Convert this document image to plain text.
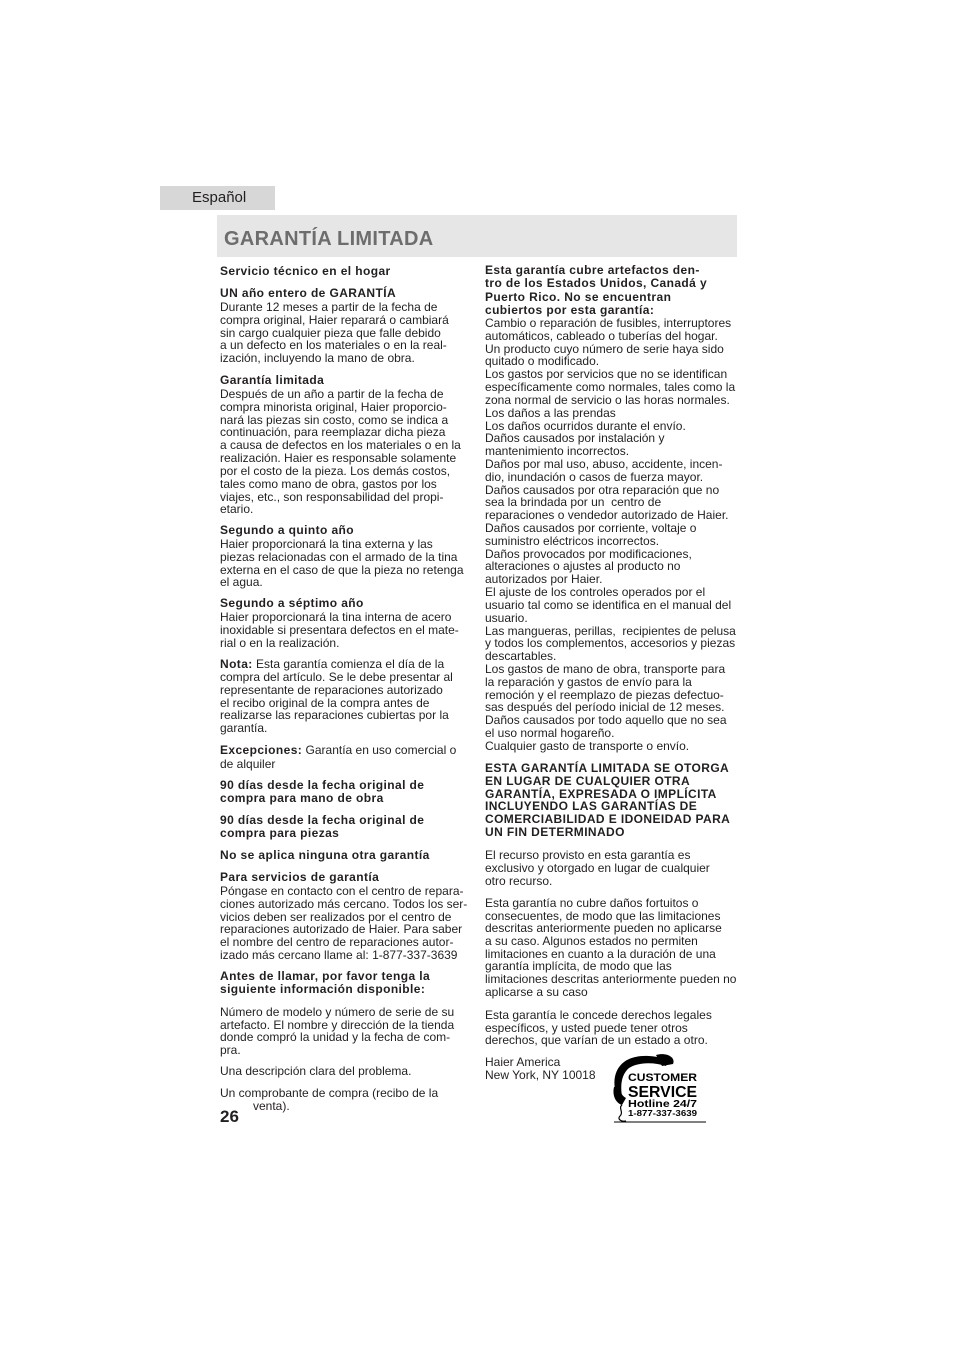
Español
GARANTÍA LIMITADA
Servicio técnico en el hogar
UN año entero de GARANTÍA
Durante 12 meses a partir de la fecha de
compra original, Haier reparará o cambiará
sin cargo cualquier pieza que falle debido
a un defecto en los materiales o en la real-
ización, incluyendo la mano de obra.
Garantía limitada
Después de un año a partir de la fecha de
compra minorista original, Haier proporcio-
nará las piezas sin costo, como se indica a
continuación, para reemplazar dicha pieza
a causa de defectos en los materiales o en la
realización. Haier es responsable solamente
por el costo de la pieza. Los demás costos,
tales como mano de obra, gastos por los
viajes, etc., son responsabilidad del propi-
etario.
Segundo a quinto año
Haier proporcionará la tina externa y las
piezas relacionadas con el armado de la tina
externa en el caso de que la pieza no retenga
el agua.
Segundo a séptimo año
Haier proporcionará la tina interna de acero
inoxidable si presentara defectos en el mate-
rial o en la realización.
Nota: Esta garantía comienza el día de la
compra del artículo. Se le debe presentar al
representante de reparaciones autorizado
el recibo original de la compra antes de
realizarse las reparaciones cubiertas por la
garantía.
Excepciones: Garantía en uso comercial o
de alquiler
90 días desde la fecha original de
compra para mano de obra
90 días desde la fecha original de
compra para piezas
No se aplica ninguna otra garantía
Para servicios de garantía
Póngase en contacto con el centro de repara-
ciones autorizado más cercano. Todos los ser-
vicios deben ser realizados por el centro de
reparaciones autorizado de Haier. Para saber
el nombre del centro de reparaciones autor-
izado más cercano llame al: 1-877-337-3639
Antes de llamar, por favor tenga la
siguiente información disponible:
Número de modelo y número de serie de su
artefacto. El nombre y dirección de la tienda
donde compró la unidad y la fecha de com-
pra.
Una descripción clara del problema.
Un comprobante de compra (recibo de la
venta).
26
Esta garantía cubre artefactos den-
tro de los Estados Unidos, Canadá y
Puerto Rico. No se encuentran
cubiertos por esta garantía:
Cambio o reparación de fusibles, interruptores
automáticos, cableado o tuberías del hogar.
Un producto cuyo número de serie haya sido
quitado o modificado.
Los gastos por servicios que no se identifican
específicamente como normales, tales como la
zona normal de servicio o las horas normales.
Los daños a las prendas
Los daños ocurridos durante el envío.
Daños causados por instalación y
mantenimiento incorrectos.
Daños por mal uso, abuso, accidente, incen-
dio, inundación o casos de fuerza mayor.
Daños causados por otra reparación que no
sea la brindada por un  centro de
reparaciones o vendedor autorizado de Haier.
Daños causados por corriente, voltaje o
suministro eléctricos incorrectos.
Daños provocados por modificaciones,
alteraciones o ajustes al producto no
autorizados por Haier.
El ajuste de los controles operados por el
usuario tal como se identifica en el manual del
usuario.
Las mangueras, perillas,  recipientes de pelusa
y todos los complementos, accesorios y piezas
descartables.
Los gastos de mano de obra, transporte para
la reparación y gastos de envío para la
remoción y el reemplazo de piezas defectuo-
sas después del período inicial de 12 meses.
Daños causados por todo aquello que no sea
el uso normal hogareño.
Cualquier gasto de transporte o envío.
ESTA GARANTÍA LIMITADA SE OTORGA
EN LUGAR DE CUALQUIER OTRA
GARANTÍA, EXPRESADA O IMPLÍCITA
INCLUYENDO LAS GARANTÍAS DE
COMERCIABILIDAD E IDONEIDAD PARA
UN FIN DETERMINADO
El recurso provisto en esta garantía es
exclusivo y otorgado en lugar de cualquier
otro recurso.
Esta garantía no cubre daños fortuitos o
consecuentes, de modo que las limitaciones
descritas anteriormente pueden no aplicarse
a su caso. Algunos estados no permiten
limitaciones en cuanto a la duración de una
garantía implícita, de modo que las
limitaciones descritas anteriormente pueden no
aplicarse a su caso
Esta garantía le concede derechos legales
específicos, y usted puede tener otros
derechos, que varían de un estado a otro.
Haier America
New York, NY 10018	CUSTOMER
SERVICE
Hotline 24/7
1-877-337-3639
